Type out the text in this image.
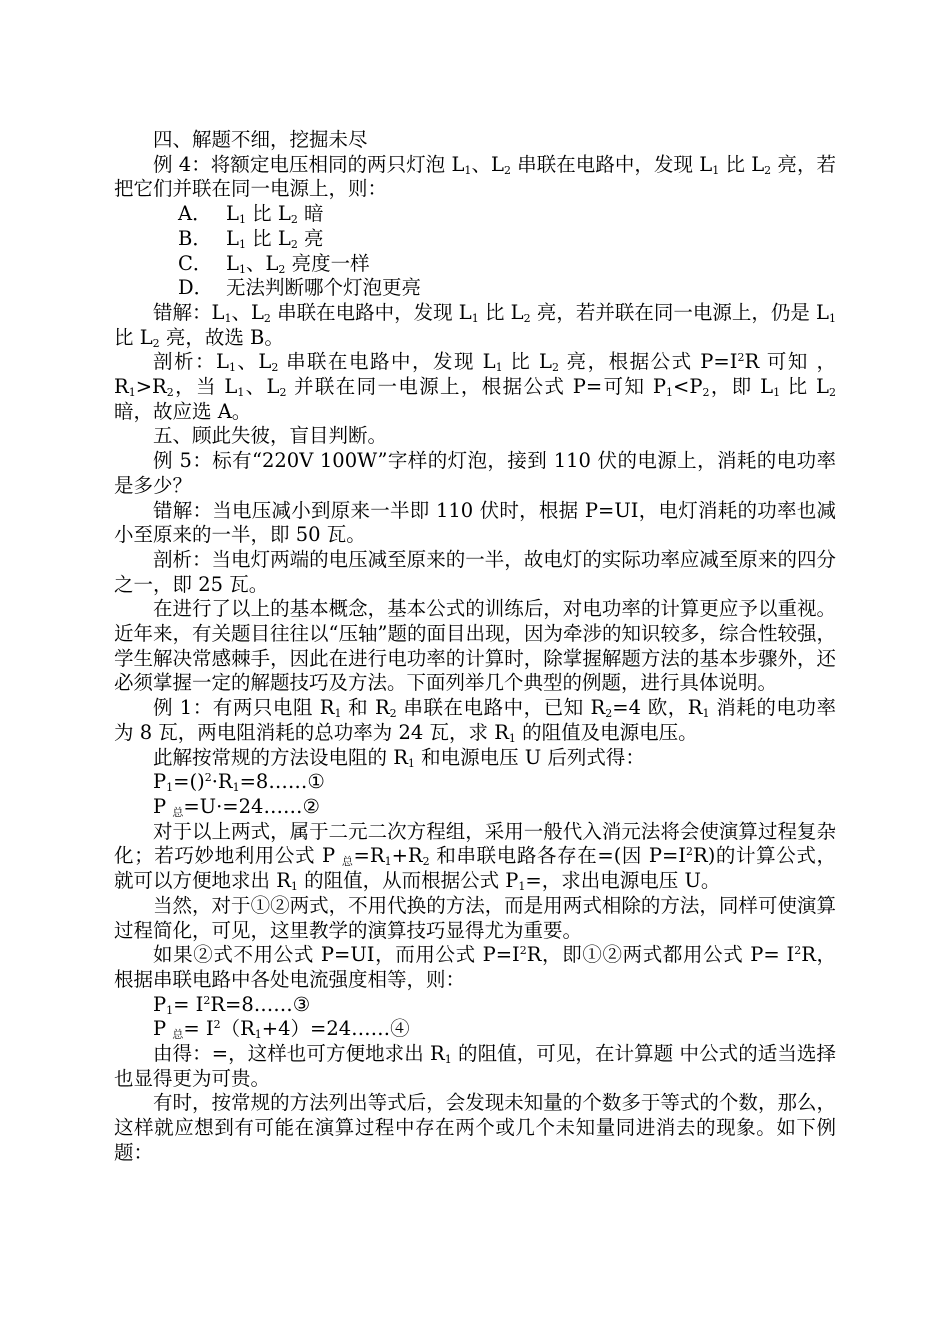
四、解题不细，挖掘未尽

例 4：将额定电压相同的两只灯泡 $L_1$、$L_2$ 串联在电路中，发现 $L_1$ 比 $L_2$ 亮，若把它们并联在同一电源上，则：

A． $L_1$ 比 $L_2$ 暗

B． $L_1$ 比 $L_2$ 亮

C． $L_1$、$L_2$ 亮度一样

D． 无法判断哪个灯泡更亮

错解：$L_1$、$L_2$ 串联在电路中，发现 $L_1$ 比 $L_2$ 亮，若并联在同一电源上，仍是 $L_1$ 比 $L_2$ 亮，故选 B。

剖析：$L_1$、$L_2$ 串联在电路中，发现 $L_1$ 比 $L_2$ 亮，根据公式 $P=I^2R$ 可知 ，$R_1>R_2$，当 $L_1$、$L_2$ 并联在同一电源上，根据公式 P=可知 $P_1<P_2$，即 $L_1$ 比 $L_2$ 暗，故应选 A。

五、顾此失彼，盲目判断。

例 5：标有“220V 100W”字样的灯泡，接到 110 伏的电源上，消耗的电功率是多少？

错解：当电压减小到原来一半即 110 伏时，根据 P=UI，电灯消耗的功率也减小至原来的一半，即 50 瓦。

剖析：当电灯两端的电压减至原来的一半，故电灯的实际功率应减至原来的四分之一，即 25 瓦。

在进行了以上的基本概念，基本公式的训练后，对电功率的计算更应予以重视。近年来，有关题目往往以“压轴”题的面目出现，因为牵涉的知识较多，综合性较强，学生解决常感棘手，因此在进行电功率的计算时，除掌握解题方法的基本步骤外，还必须掌握一定的解题技巧及方法。下面列举几个典型的例题，进行具体说明。

例 1：有两只电阻 $R_1$ 和 $R_2$ 串联在电路中，已知 $R_2=4$ 欧，$R_1$ 消耗的电功率为 8 瓦，两电阻消耗的总功率为 24 瓦，求 $R_1$ 的阻值及电源电压。

此解按常规的方法设电阻的 $R_1$ 和电源电压 U 后列式得：

$P_1=()^2\cdot R_1=8\dots\dots ①$

P $_总$=U·=24……②

对于以上两式，属于二元二次方程组，采用一般代入消元法将会使演算过程复杂化；若巧妙地利用公式 P $_总=R_1+R_2$ 和串联电路各存在=(因 $P=I^2R$)的计算公式，就可以方便地求出 $R_1$ 的阻值，从而根据公式 $P_1=$，求出电源电压 U。

当然，对于①②两式，不用代换的方法，而是用两式相除的方法，同样可使演算过程简化，可见，这里教学的演算技巧显得尤为重要。

如果②式不用公式 P=UI，而用公式 $P=I^2R$，即①②两式都用公式 $P= I^2R$，根据串联电路中各处电流强度相等，则：

$P_1=$ $I^2R=8\dots\dots ③$

P $_总= I^2(R_1+4)=24\dots\dots ④$

由得：=，这样也可方便地求出 $R_1$ 的阻值，可见，在计算题 中公式的适当选择也显得更为可贵。

有时，按常规的方法列出等式后，会发现未知量的个数多于等式的个数，那么，这样就应想到有可能在演算过程中存在两个或几个未知量同进消去的现象。如下例题：
